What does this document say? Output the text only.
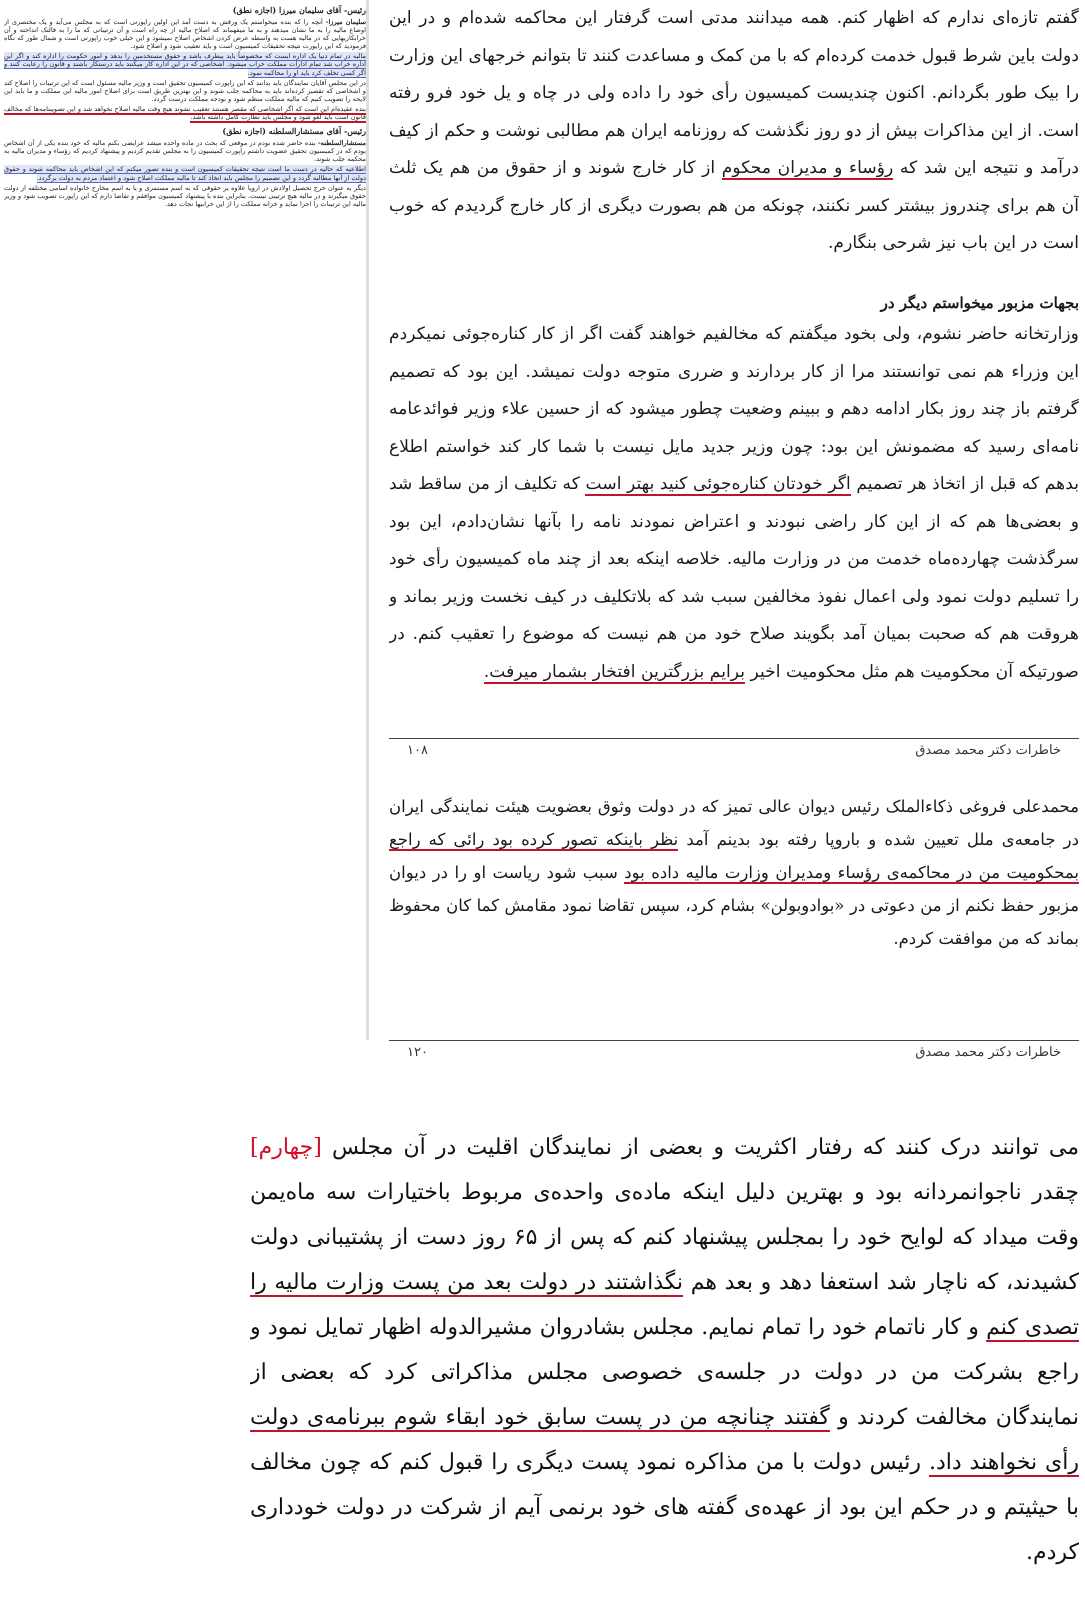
رئیس- آقای سلیمان میرزا (اجازه نطق)

سلیمان میرزا- آنچه را که بنده میخواستم یک ورقش به دست آمد این اولین راپورتی است که به مجلس می‌آید و یک مختصری از اوضاع مالیه را به ما نشان میدهند و به ما میفهماند که اصلاح مالیه از چه راه است و آن ترتیباتی که ما را به قالتک انداخته و آن خرابکاریهایی که در مالیه هست به واسطه عرض کردن اشخاص اصلاح نمیشود و این خیلی خوب راپورتی است و شمال طور که نگاه فرمودید که این راپورت نتیجه تحقیقات کمیسیون است و باید تعقیب شود و اصلاح شود.

مالیه در تمام دنیا یک اداره ایست که مخصوصاً باید بیطرف باشد و حقوق مستخدمین را بدهد و امور حکومت را اداره کند و اگر این اداره خراب شد تمام ادارات مملکت خراب میشود. اشخاصی که در این اداره کار میکنند باید درستکار باشند و قانون را رعایت کنند و اگر کسی تخلف کرد باید او را محاکمه نمود.

در این مجلس آقایان نمایندگان باید بدانند که این راپورت کمیسیون تحقیق است و وزیر مالیه مسئول است که این ترتیبات را اصلاح کند و اشخاصی که تقصیر کرده‌اند باید به محاکمه جلب شوند و این بهترین طریق است برای اصلاح امور مالیه این مملکت و ما باید این لایحه را تصویب کنیم که مالیه مملکت منظم شود و بودجه مملکت درست گردد.

بنده عقیده‌ام این است که اگر اشخاصی که مقصر هستند تعقیب نشوند هیچ وقت مالیه اصلاح نخواهد شد و این تصویبنامه‌ها که مخالف قانون است باید لغو شود و مجلس باید نظارت کامل داشته باشد.

رئیس- آقای مستشارالسلطنه (اجازه نطق)

مستشارالسلطنه- بنده حاضر شده بودم در موقعی که بحث در ماده واحده میشد عرایضی بکنم مالیه که خود بنده یکی از آن اشخاص بودم که در کمیسیون تحقیق عضویت داشتم راپورت کمیسیون را به مجلس تقدیم کردیم و پیشنهاد کردیم که رؤساء و مدیران مالیه به محکمه جلب شوند.

اطلاعیه که حالیه در دست ما است نتیجه تحقیقات کمیسیون است و بنده تصور میکنم که این اشخاص باید محاکمه شوند و حقوق دولت از آنها مطالبه گردد و این تصمیم را مجلس باید اتخاذ کند تا مالیه مملکت اصلاح شود و اعتماد مردم به دولت برگردد.

دیگر به عنوان خرج تحصیل اولادش در اروپا علاوه بر حقوقی که به اسم مستمری و یا به اسم مخارج خانواده اسامی مختلفه از دولت حقوق میگیرند و در مالیه هیچ ترتیبی نیست. بنابراین بنده با پیشنهاد کمیسیون موافقم و تقاضا دارم که این راپورت تصویب شود و وزیر مالیه این ترتیبات را اجرا نماید و خزانه مملکت را از این خرابیها نجات دهد.

گفتم تازه‌ای ندارم که اظهار کنم. همه میدانند مدتی است گرفتار این محاکمه شده‌ام و در این دولت باین شرط قبول خدمت کرده‌ام که با من کمک و مساعدت کنند تا بتوانم خرجهای این وزارت را بیک طور بگردانم. اکنون چندیست کمیسیون رأی خود را داده ولی در چاه و یل خود فرو رفته است. از این مذاکرات بیش از دو روز نگذشت که روزنامه ایران هم مطالبی نوشت و حکم از کیف درآمد و نتیجه این شد که رؤساء و مدیران محکوم از کار خارج شوند و از حقوق من هم یک ثلث آن هم برای چندروز بیشتر کسر نکنند، چونکه من هم بصورت دیگری از کار خارج گردیدم که خوب است در این باب نیز شرحی بنگارم.

بجهات مزبور میخواستم دیگر در

وزارتخانه حاضر نشوم، ولی بخود میگفتم که مخالفیم خواهند گفت اگر از کار کناره‌جوئی نمیکردم این وزراء هم نمی توانستند مرا از کار بردارند و ضرری متوجه دولت نمیشد. این بود که تصمیم گرفتم باز چند روز بکار ادامه دهم و ببینم وضعیت چطور میشود که از حسین علاء وزیر فوائدعامه نامه‌ای رسید که مضمونش این بود: چون وزیر جدید مایل نیست با شما کار کند خواستم اطلاع بدهم که قبل از اتخاذ هر تصمیم اگر خودتان کناره‌جوئی کنید بهتر است که تکلیف از من ساقط شد و بعضی‌ها هم که از این کار راضی نبودند و اعتراض نمودند نامه را بآنها نشان‌دادم، این بود سرگذشت چهارده‌ماه خدمت من در وزارت مالیه. خلاصه اینکه بعد از چند ماه کمیسیون رأی خود را تسلیم دولت نمود ولی اعمال نفوذ مخالفین سبب شد که بلاتکلیف در کیف نخست وزیر بماند و هروقت هم که صحبت بمیان آمد بگویند صلاح خود من هم نیست که موضوع را تعقیب کنم. در صورتیکه آن محکومیت هم مثل محکومیت اخیر برایم بزرگترین افتخار بشمار میرفت.

خاطرات دکتر محمد مصدق
۱۰۸

محمدعلی فروغی ذکاءالملک رئیس دیوان عالی تمیز که در دولت وثوق بعضویت هیئت نمایندگی ایران در جامعه‌ی ملل تعیین شده و باروپا رفته بود بدینم آمد نظر باینکه تصور کرده بود رائی که راجع بمحکومیت من در محاکمه‌ی رؤساء ومدیران وزارت مالیه داده بود سبب شود ریاست او را در دیوان مزبور حفظ نکنم از من دعوتی در «بوادوبولن» بشام کرد، سپس تقاضا نمود مقامش کما کان محفوظ بماند که من موافقت کردم.

خاطرات دکتر محمد مصدق
۱۲۰

می توانند درک کنند که رفتار اکثریت و بعضی از نمایندگان اقلیت در آن مجلس [چهارم] چقدر ناجوانمردانه بود و بهترین دلیل اینکه ماده‌ی واحده‌ی مربوط باختیارات سه ماه‌یمن وقت میداد که لوایح خود را بمجلس پیشنهاد کنم که پس از ۶۵ روز دست از پشتیبانی دولت کشیدند، که ناچار شد استعفا دهد و بعد هم نگذاشتند در دولت بعد من پست وزارت مالیه را تصدی کنم و کار ناتمام خود را تمام نمایم. مجلس بشادروان مشیرالدوله اظهار تمایل نمود و راجع بشرکت من در دولت در جلسه‌ی خصوصی مجلس مذاکراتی کرد که بعضی از نمایندگان مخالفت کردند و گفتند چنانچه من در پست سابق خود ابقاء شوم ببرنامه‌ی دولت رأی نخواهند داد. رئیس دولت با من مذاکره نمود پست دیگری را قبول کنم که چون مخالف با حیثیتم و در حکم این بود از عهده‌ی گفته های خود برنمی آیم از شرکت در دولت خودداری کردم.
